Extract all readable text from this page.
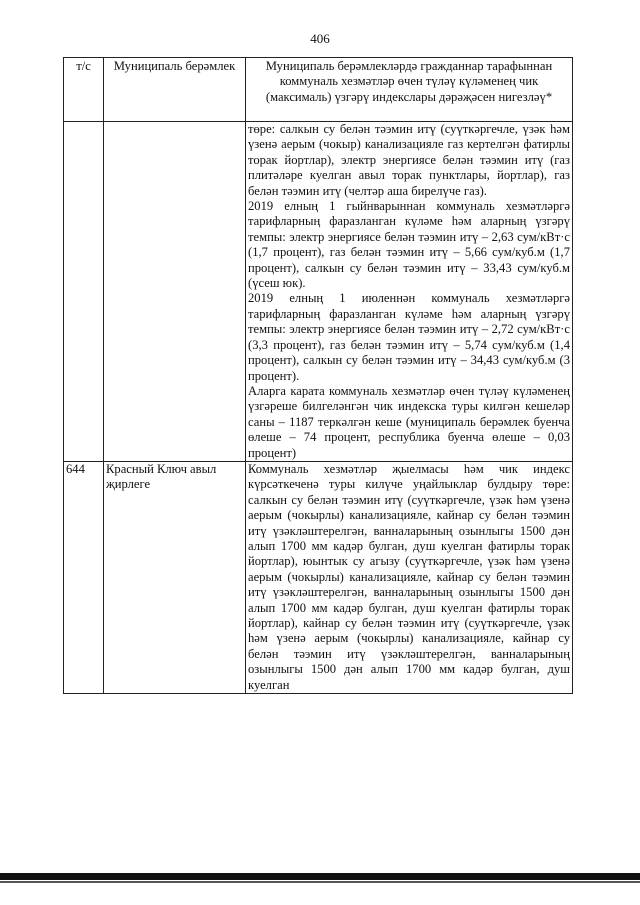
406
т/с	Муниципаль берәмлек	Муниципаль берәмлекләрдә гражданнар тарафыннан коммуналь хезмәтләр өчен түләү күләменең чик (максималь) үзгәрү индекслары дәрәҗәсен нигезләү*

		төре: салкын су белән тәэмин итү (суүткәргечле, үзәк һәм үзенә аерым (чокыр) канализацияле газ кертелгән фатирлы торак йортлар), электр энергиясе белән тәэмин итү (газ плитәләре куелган авыл торак пунктлары, йортлар), газ белән тәэмин итү (челтәр аша бирелүче газ).

2019 елның 1 гыйнварыннан коммуналь хезмәтләргә тарифларның фаразланган күләме һәм аларның үзгәрү темпы: электр энергиясе белән тәэмин итү – 2,63 сум/кВт·с (1,7 процент), газ белән тәэмин итү – 5,66 сум/куб.м (1,7 процент), салкын су белән тәэмин итү – 33,43 сум/куб.м (үсеш юк).

2019 елның 1 июленнән коммуналь хезмәтләргә тарифларның фаразланган күләме һәм аларның үзгәрү темпы: электр энергиясе белән тәэмин итү – 2,72 сум/кВт·с (3,3 процент), газ белән тәэмин итү – 5,74 сум/куб.м (1,4 процент), салкын су белән тәэмин итү – 34,43 сум/куб.м (3 процент).

Аларга карата коммуналь хезмәтләр өчен түләү күләменең үзгәреше билгеләнгән чик индекска туры килгән кешеләр саны – 1187 теркәлгән кеше (муниципаль берәмлек буенча өлеше – 74 процент, республика буенча өлеше – 0,03 процент)

644	Красный Ключ авыл җирлеге	Коммуналь хезмәтләр җыелмасы һәм чик индекс күрсәткеченә туры килүче уңайлыклар булдыру төре: салкын су белән тәэмин итү (суүткәргечле, үзәк һәм үзенә аерым (чокырлы) канализацияле, кайнар су белән тәэмин итү үзәкләштерелгән, ванналарының озынлыгы 1500 дән алып 1700 мм кадәр булган, душ куелган фатирлы торак йортлар), юынтык су агызу (суүткәргечле, үзәк һәм үзенә аерым (чокырлы) канализацияле, кайнар су белән тәэмин итү үзәкләштерелгән, ванналарының озынлыгы 1500 дән алып 1700 мм кадәр булган, душ куелган фатирлы торак йортлар), кайнар су белән тәэмин итү (суүткәргечле, үзәк һәм үзенә аерым (чокырлы) канализацияле, кайнар су белән тәэмин итү үзәкләштерелгән, ванналарының озынлыгы 1500 дән алып 1700 мм кадәр булган, душ куелган
